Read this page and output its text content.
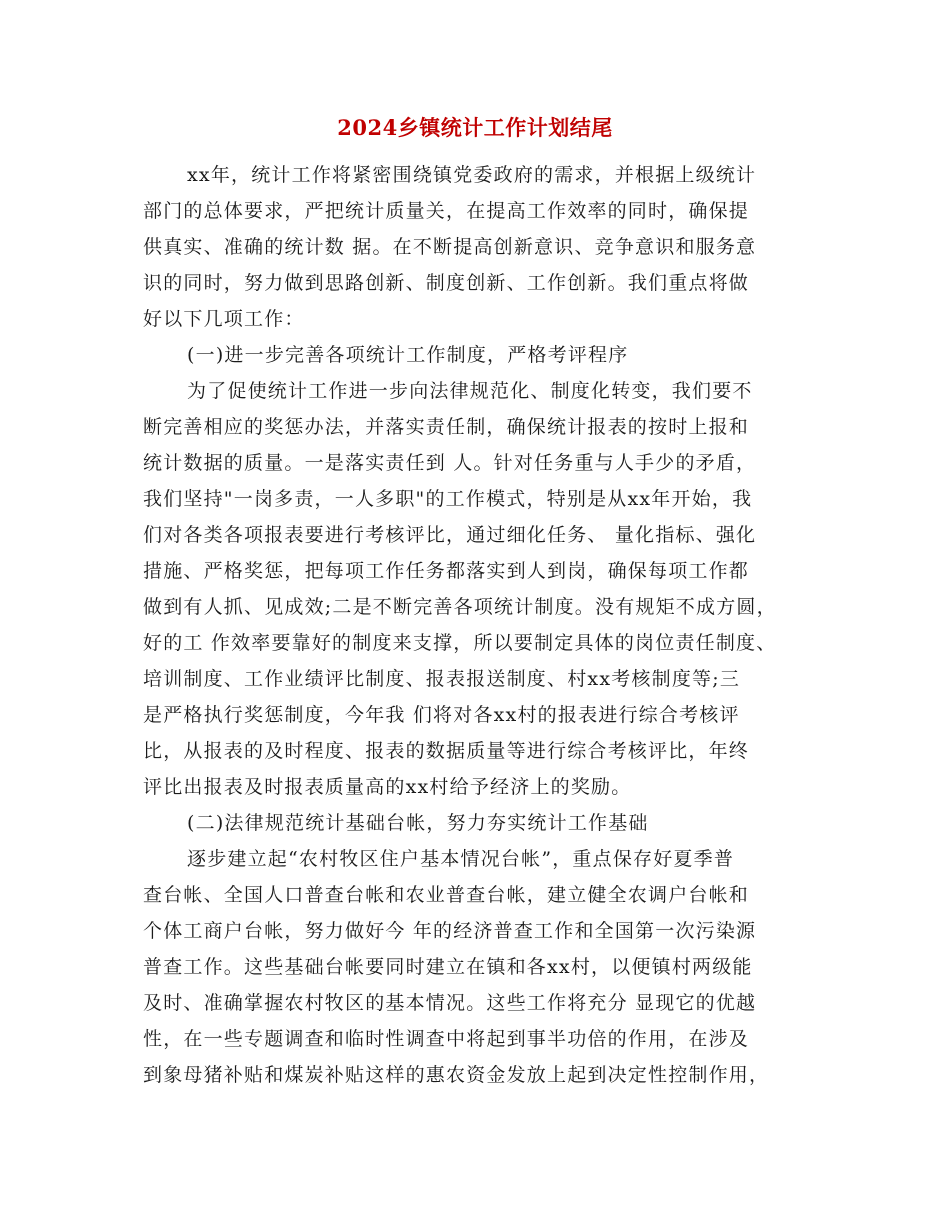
2024乡镇统计工作计划结尾
xx年，统计工作将紧密围绕镇党委政府的需求，并根据上级统计
部门的总体要求，严把统计质量关，在提高工作效率的同时，确保提
供真实、准确的统计数 据。在不断提高创新意识、竞争意识和服务意
识的同时，努力做到思路创新、制度创新、工作创新。我们重点将做
好以下几项工作：
(一)进一步完善各项统计工作制度，严格考评程序
为了促使统计工作进一步向法律规范化、制度化转变，我们要不
断完善相应的奖惩办法，并落实责任制，确保统计报表的按时上报和
统计数据的质量。一是落实责任到 人。针对任务重与人手少的矛盾，
我们坚持"一岗多责，一人多职"的工作模式，特别是从xx年开始，我
们对各类各项报表要进行考核评比，通过细化任务、 量化指标、强化
措施、严格奖惩，把每项工作任务都落实到人到岗，确保每项工作都
做到有人抓、见成效;二是不断完善各项统计制度。没有规矩不成方圆，
好的工 作效率要靠好的制度来支撑，所以要制定具体的岗位责任制度、
培训制度、工作业绩评比制度、报表报送制度、村xx考核制度等;三
是严格执行奖惩制度，今年我 们将对各xx村的报表进行综合考核评
比，从报表的及时程度、报表的数据质量等进行综合考核评比，年终
评比出报表及时报表质量高的xx村给予经济上的奖励。
(二)法律规范统计基础台帐，努力夯实统计工作基础
逐步建立起“农村牧区住户基本情况台帐”，重点保存好夏季普
查台帐、全国人口普查台帐和农业普查台帐，建立健全农调户台帐和
个体工商户台帐，努力做好今 年的经济普查工作和全国第一次污染源
普查工作。这些基础台帐要同时建立在镇和各xx村，以便镇村两级能
及时、准确掌握农村牧区的基本情况。这些工作将充分 显现它的优越
性，在一些专题调查和临时性调查中将起到事半功倍的作用，在涉及
到象母猪补贴和煤炭补贴这样的惠农资金发放上起到决定性控制作用，
